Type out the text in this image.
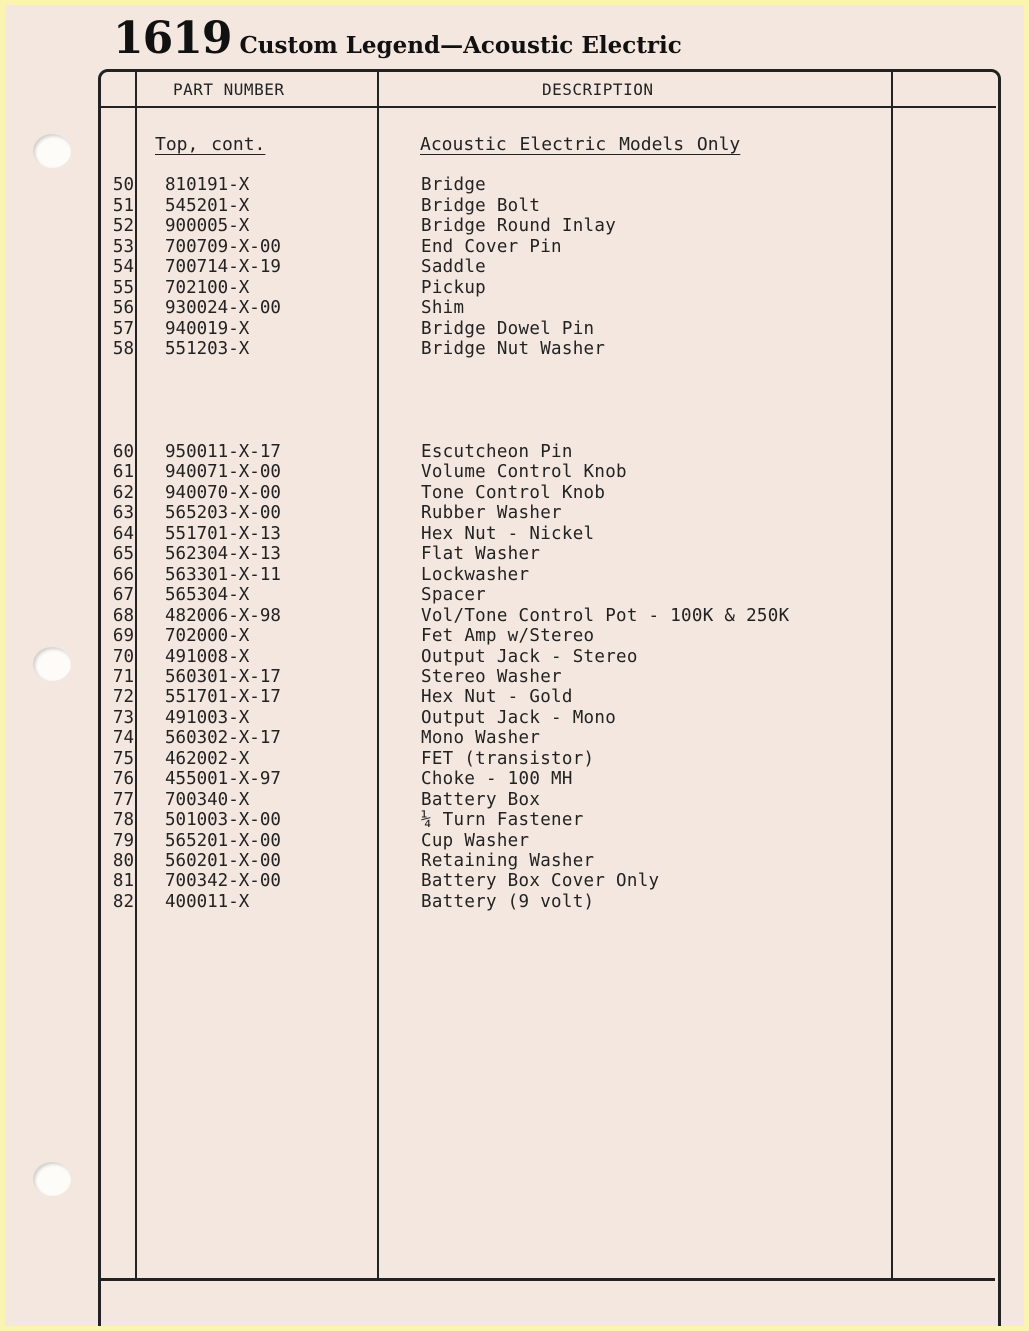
1619 Custom Legend—Acoustic Electric
PART NUMBER	DESCRIPTION
Top, cont.	Acoustic Electric Models Only
50 810191-X	Bridge
51 545201-X	Bridge Bolt
52 900005-X	Bridge Round Inlay
53 700709-X-00	End Cover Pin
54 700714-X-19	Saddle
55 702100-X	Pickup
56 930024-X-00	Shim
57 940019-X	Bridge Dowel Pin
58 551203-X	Bridge Nut Washer
60 950011-X-17	Escutcheon Pin
61 940071-X-00	Volume Control Knob
62 940070-X-00	Tone Control Knob
63 565203-X-00	Rubber Washer
64 551701-X-13	Hex Nut - Nickel
65 562304-X-13	Flat Washer
66 563301-X-11	Lockwasher
67 565304-X	Spacer
68 482006-X-98	Vol/Tone Control Pot - 100K & 250K
69 702000-X	Fet Amp w/Stereo
70 491008-X	Output Jack - Stereo
71 560301-X-17	Stereo Washer
72 551701-X-17	Hex Nut - Gold
73 491003-X	Output Jack - Mono
74 560302-X-17	Mono Washer
75 462002-X	FET (transistor)
76 455001-X-97	Choke - 100 MH
77 700340-X	Battery Box
78 501003-X-00	¼ Turn Fastener
79 565201-X-00	Cup Washer
80 560201-X-00	Retaining Washer
81 700342-X-00	Battery Box Cover Only
82 400011-X	Battery (9 volt)
